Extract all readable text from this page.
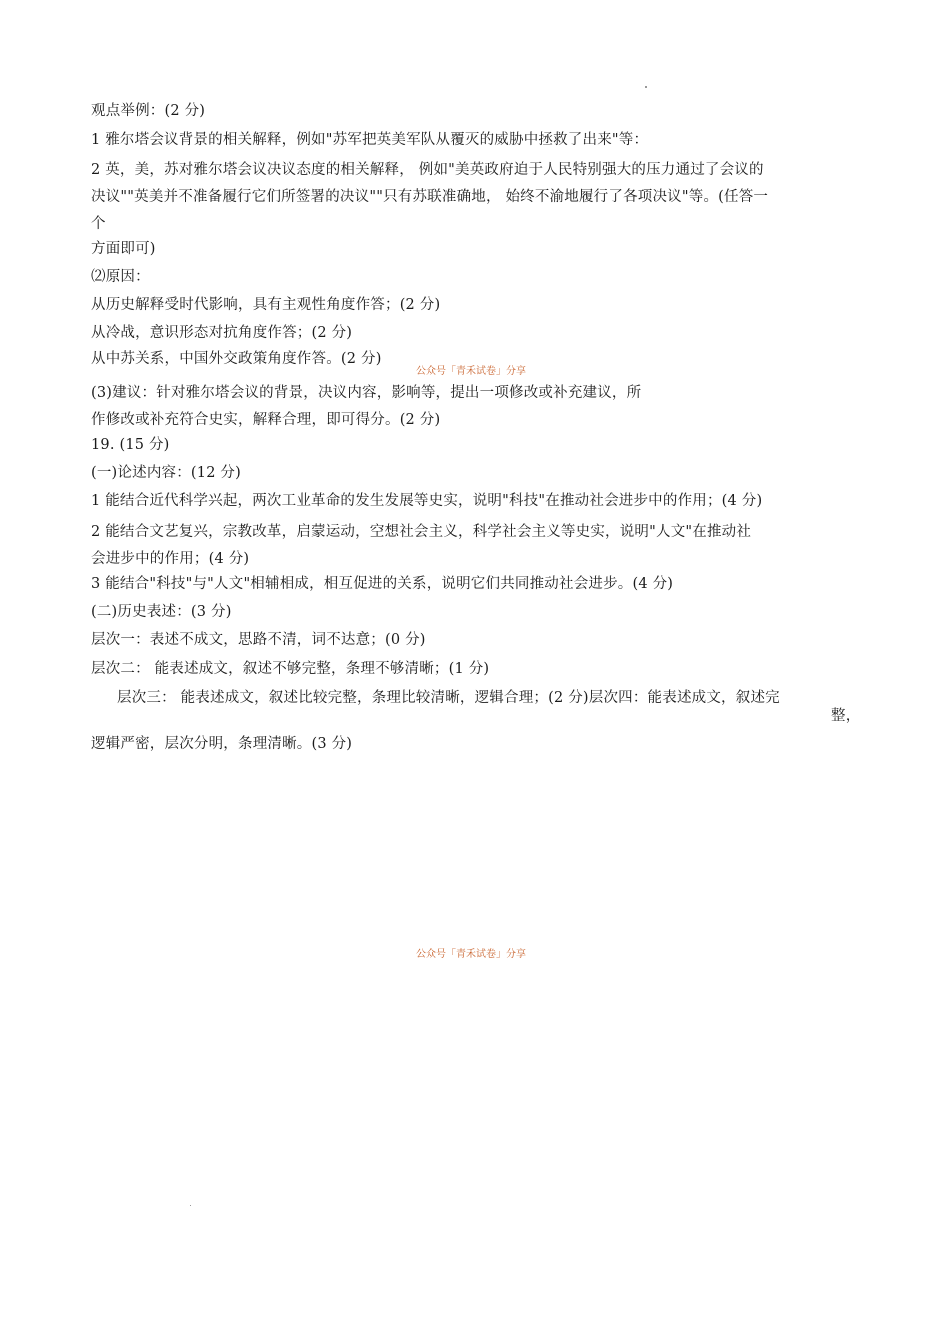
观点举例：(2 分)
1 雅尔塔会议背景的相关解释，例如"苏军把英美军队从覆灭的威胁中拯救了出来"等：
2 英，美，苏对雅尔塔会议决议态度的相关解释， 例如"美英政府迫于人民特别强大的压力通过了会议的
决议""英美并不准备履行它们所签署的决议""只有苏联准确地， 始终不渝地履行了各项决议"等。(任答一
个
方面即可)
⑵原因：
从历史解释受时代影响，具有主观性角度作答；(2 分)
从冷战，意识形态对抗角度作答；(2 分)
从中苏关系，中国外交政策角度作答。(2 分)
公众号「青禾试卷」分享
(3)建议：针对雅尔塔会议的背景，决议内容，影响等，提出一项修改或补充建议，所
作修改或补充符合史实，解释合理，即可得分。(2 分)
19. (15 分)
(一)论述内容：(12 分)
1 能结合近代科学兴起，两次工业革命的发生发展等史实，说明"科技"在推动社会进步中的作用；(4 分)
2 能结合文艺复兴，宗教改革，启蒙运动，空想社会主义，科学社会主义等史实，说明"人文"在推动社
会进步中的作用；(4 分)
3 能结合"科技"与"人文"相辅相成，相互促进的关系，说明它们共同推动社会进步。(4 分)
(二)历史表述：(3 分)
层次一：表述不成文，思路不清，词不达意；(0 分)
层次二： 能表述成文，叙述不够完整，条理不够清晰；(1 分)
层次三： 能表述成文，叙述比较完整，条理比较清晰，逻辑合理；(2 分)层次四：能表述成文，叙述完
整，
逻辑严密，层次分明，条理清晰。(3 分)
公众号「青禾试卷」分享
